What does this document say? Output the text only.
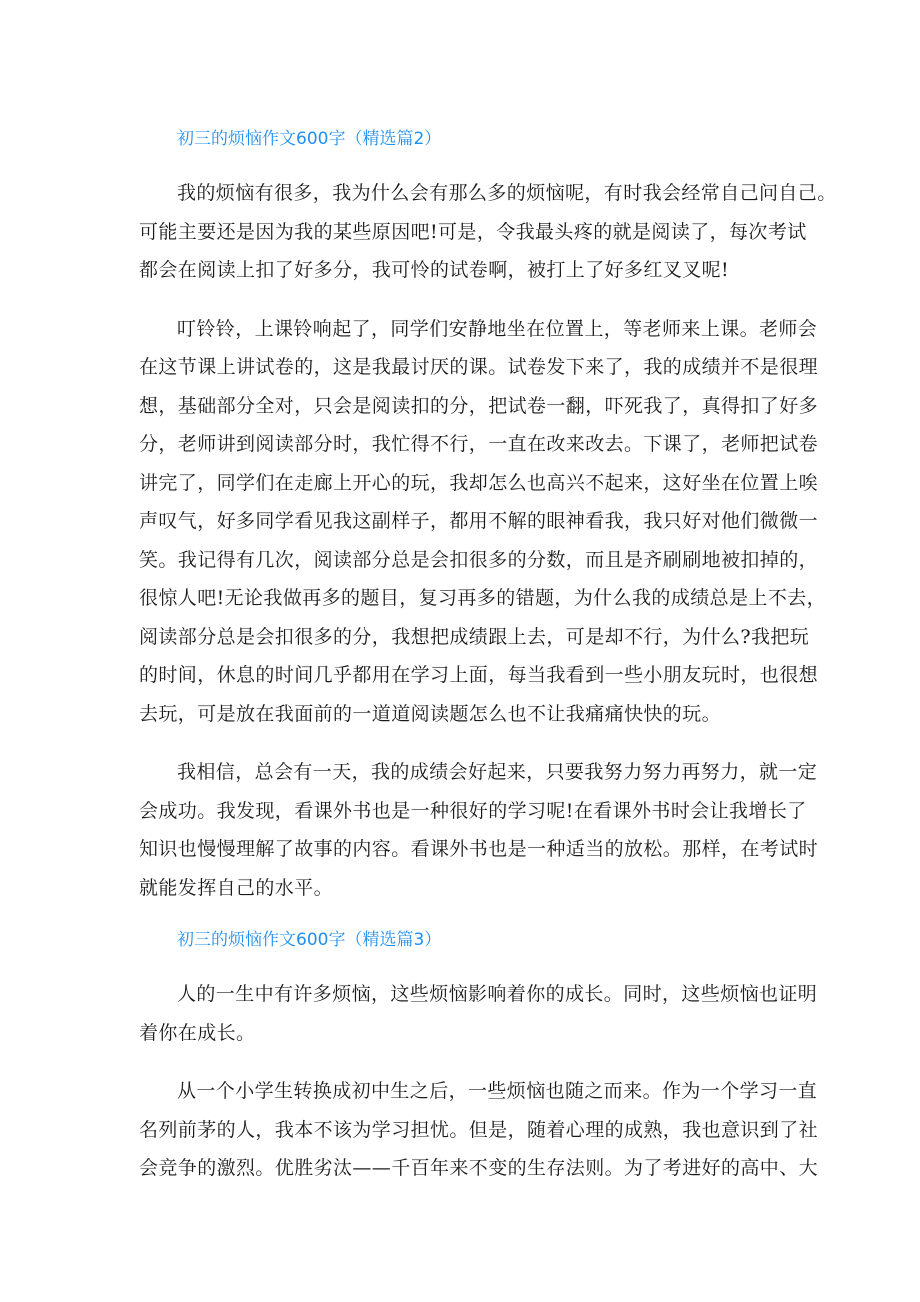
初三的烦恼作文600字（精选篇2）
我的烦恼有很多，我为什么会有那么多的烦恼呢，有时我会经常自己问自己。
可能主要还是因为我的某些原因吧!可是，令我最头疼的就是阅读了，每次考试
都会在阅读上扣了好多分，我可怜的试卷啊，被打上了好多红叉叉呢!
叮铃铃，上课铃响起了，同学们安静地坐在位置上，等老师来上课。老师会
在这节课上讲试卷的，这是我最讨厌的课。试卷发下来了，我的成绩并不是很理
想，基础部分全对，只会是阅读扣的分，把试卷一翻，吓死我了，真得扣了好多
分，老师讲到阅读部分时，我忙得不行，一直在改来改去。下课了，老师把试卷
讲完了，同学们在走廊上开心的玩，我却怎么也高兴不起来，这好坐在位置上唉
声叹气，好多同学看见我这副样子，都用不解的眼神看我，我只好对他们微微一
笑。我记得有几次，阅读部分总是会扣很多的分数，而且是齐刷刷地被扣掉的，
很惊人吧!无论我做再多的题目，复习再多的错题，为什么我的成绩总是上不去，
阅读部分总是会扣很多的分，我想把成绩跟上去，可是却不行，为什么?我把玩
的时间，休息的时间几乎都用在学习上面，每当我看到一些小朋友玩时，也很想
去玩，可是放在我面前的一道道阅读题怎么也不让我痛痛快快的玩。
我相信，总会有一天，我的成绩会好起来，只要我努力努力再努力，就一定
会成功。我发现，看课外书也是一种很好的学习呢!在看课外书时会让我增长了
知识也慢慢理解了故事的内容。看课外书也是一种适当的放松。那样，在考试时
就能发挥自己的水平。
初三的烦恼作文600字（精选篇3）
人的一生中有许多烦恼，这些烦恼影响着你的成长。同时，这些烦恼也证明
着你在成长。
从一个小学生转换成初中生之后，一些烦恼也随之而来。作为一个学习一直
名列前茅的人，我本不该为学习担忧。但是，随着心理的成熟，我也意识到了社
会竞争的激烈。优胜劣汰——千百年来不变的生存法则。为了考进好的高中、大
